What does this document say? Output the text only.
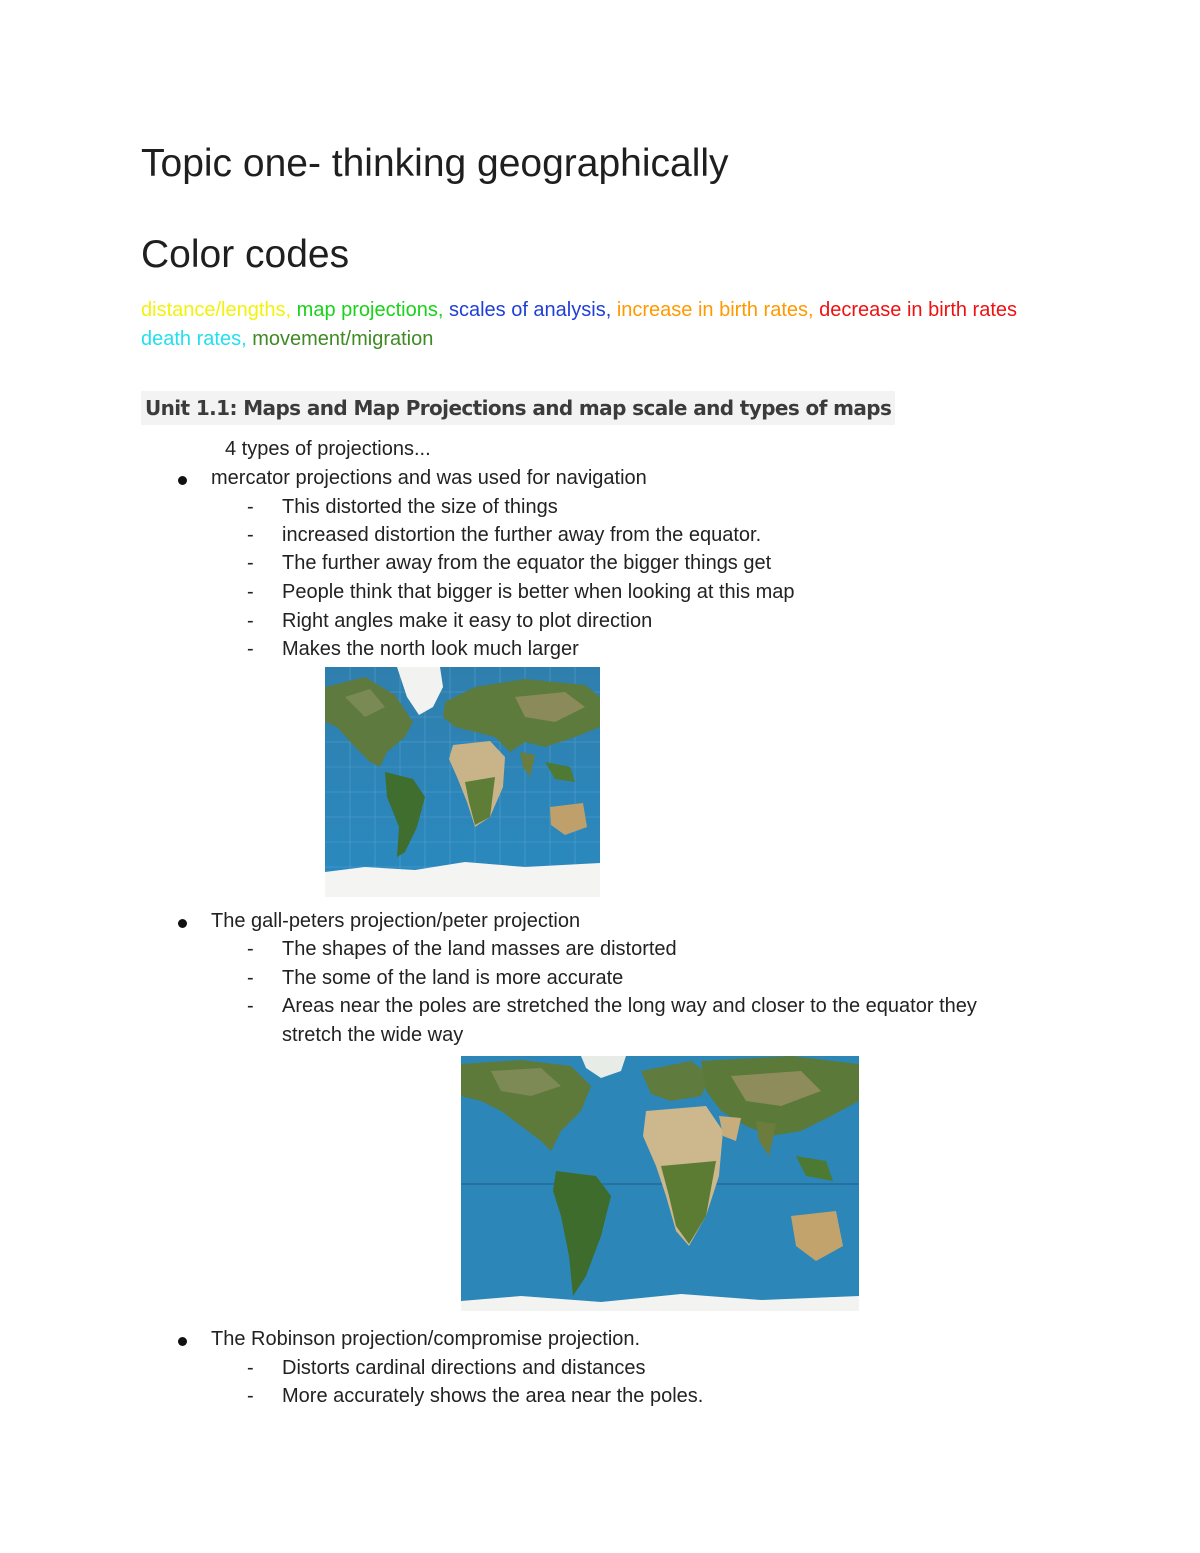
Topic one- thinking geographically
Color codes
distance/lengths, map projections, scales of analysis, increase in birth rates, decrease in birth rates death rates, movement/migration
Unit 1.1: Maps and Map Projections and map scale and types of maps
4 types of projections...
mercator projections and was used for navigation
- This distorted the size of things
- increased distortion the further away from the equator.
- The further away from the equator the bigger things get
- People think that bigger is better when looking at this map
- Right angles make it easy to plot direction
- Makes the north look much larger
The gall-peters projection/peter projection
- The shapes of the land masses are distorted
- The some of the land is more accurate
- Areas near the poles are stretched the long way and closer to the equator they
stretch the wide way
The Robinson projection/compromise projection.
- Distorts cardinal directions and distances
- More accurately shows the area near the poles.
